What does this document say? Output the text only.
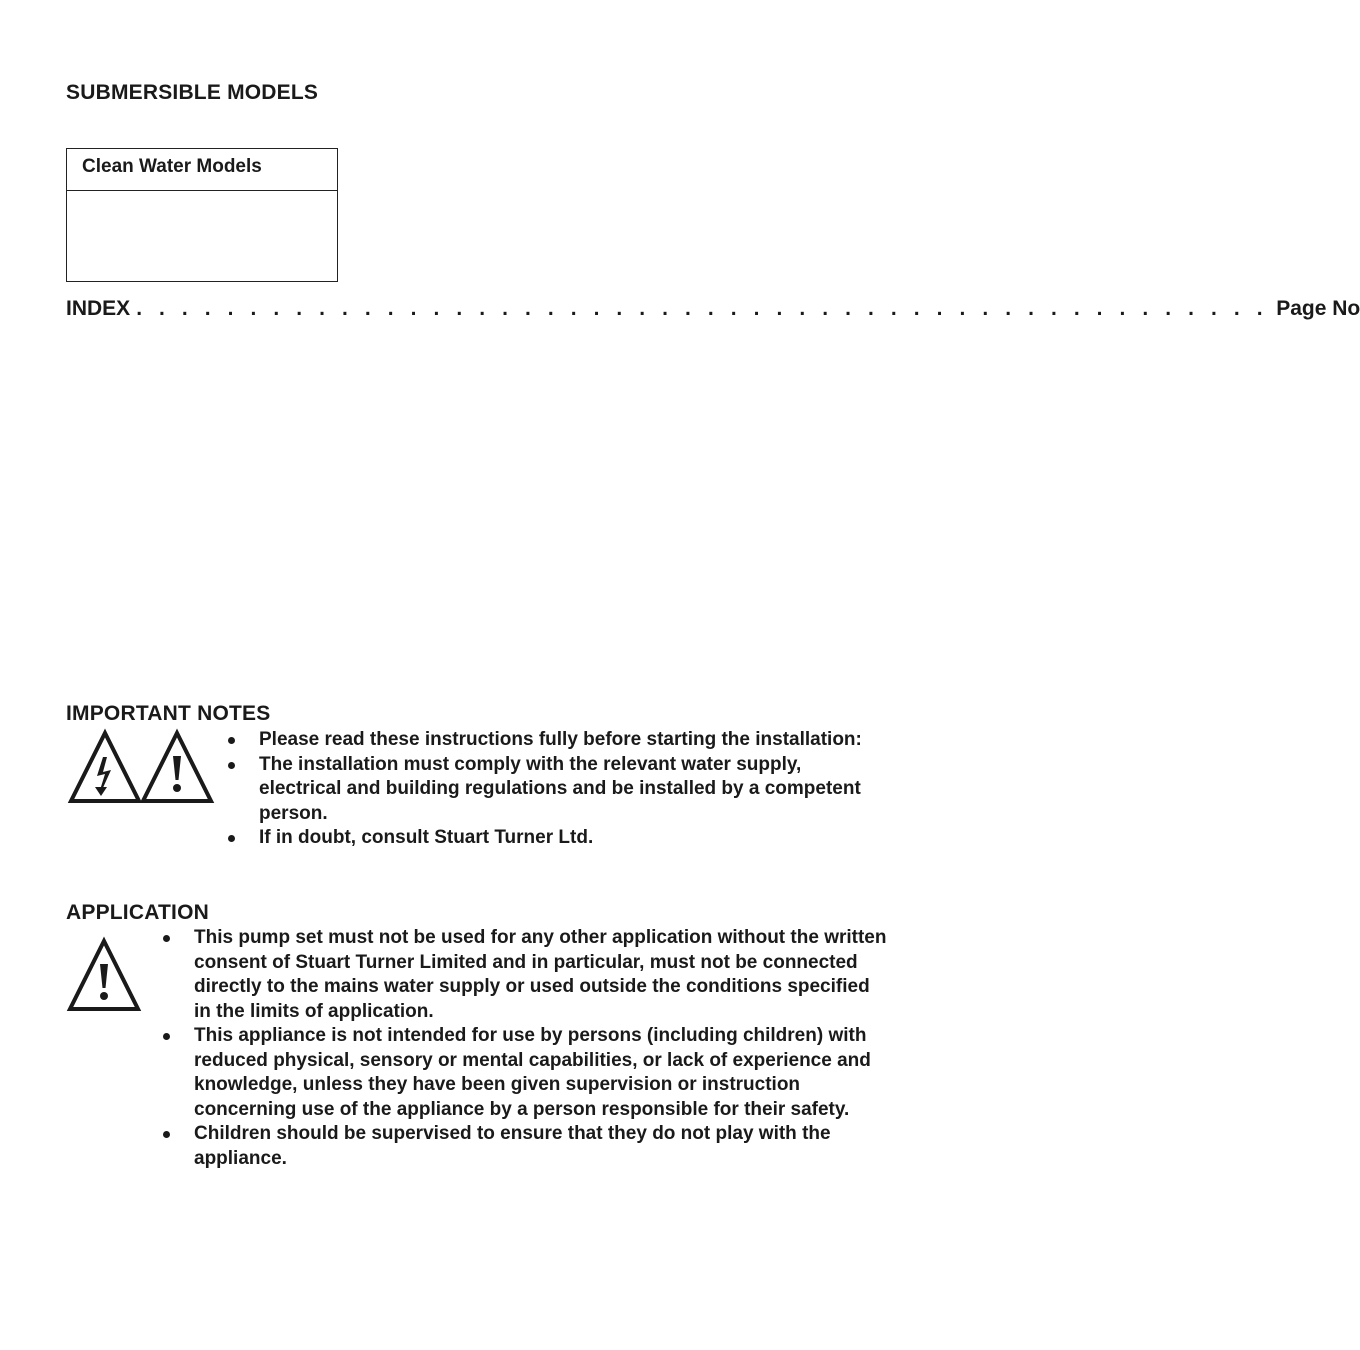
SUBMERSIBLE MODELS
Clean Water Models
INDEX . . . . . . . . . . . . . . . . . . . . . . . . . . . . . . . . . . . . . . . . . . . . . . . . . . Page No
IMPORTANT NOTES
Please read these instructions fully before starting the installation:
The installation must comply with the relevant water supply, electrical and building regulations and be installed by a competent person.
If in doubt, consult Stuart Turner Ltd.
APPLICATION
This pump set must not be used for any other application without the written consent of Stuart Turner Limited and in particular, must not be connected directly to the mains water supply or used outside the conditions specified in the limits of application.
This appliance is not intended for use by persons (including children) with reduced physical, sensory or mental capabilities, or lack of experience and knowledge, unless they have been given supervision or instruction concerning use of the appliance by a person responsible for their safety.
Children should be supervised to ensure that they do not play with the appliance.
